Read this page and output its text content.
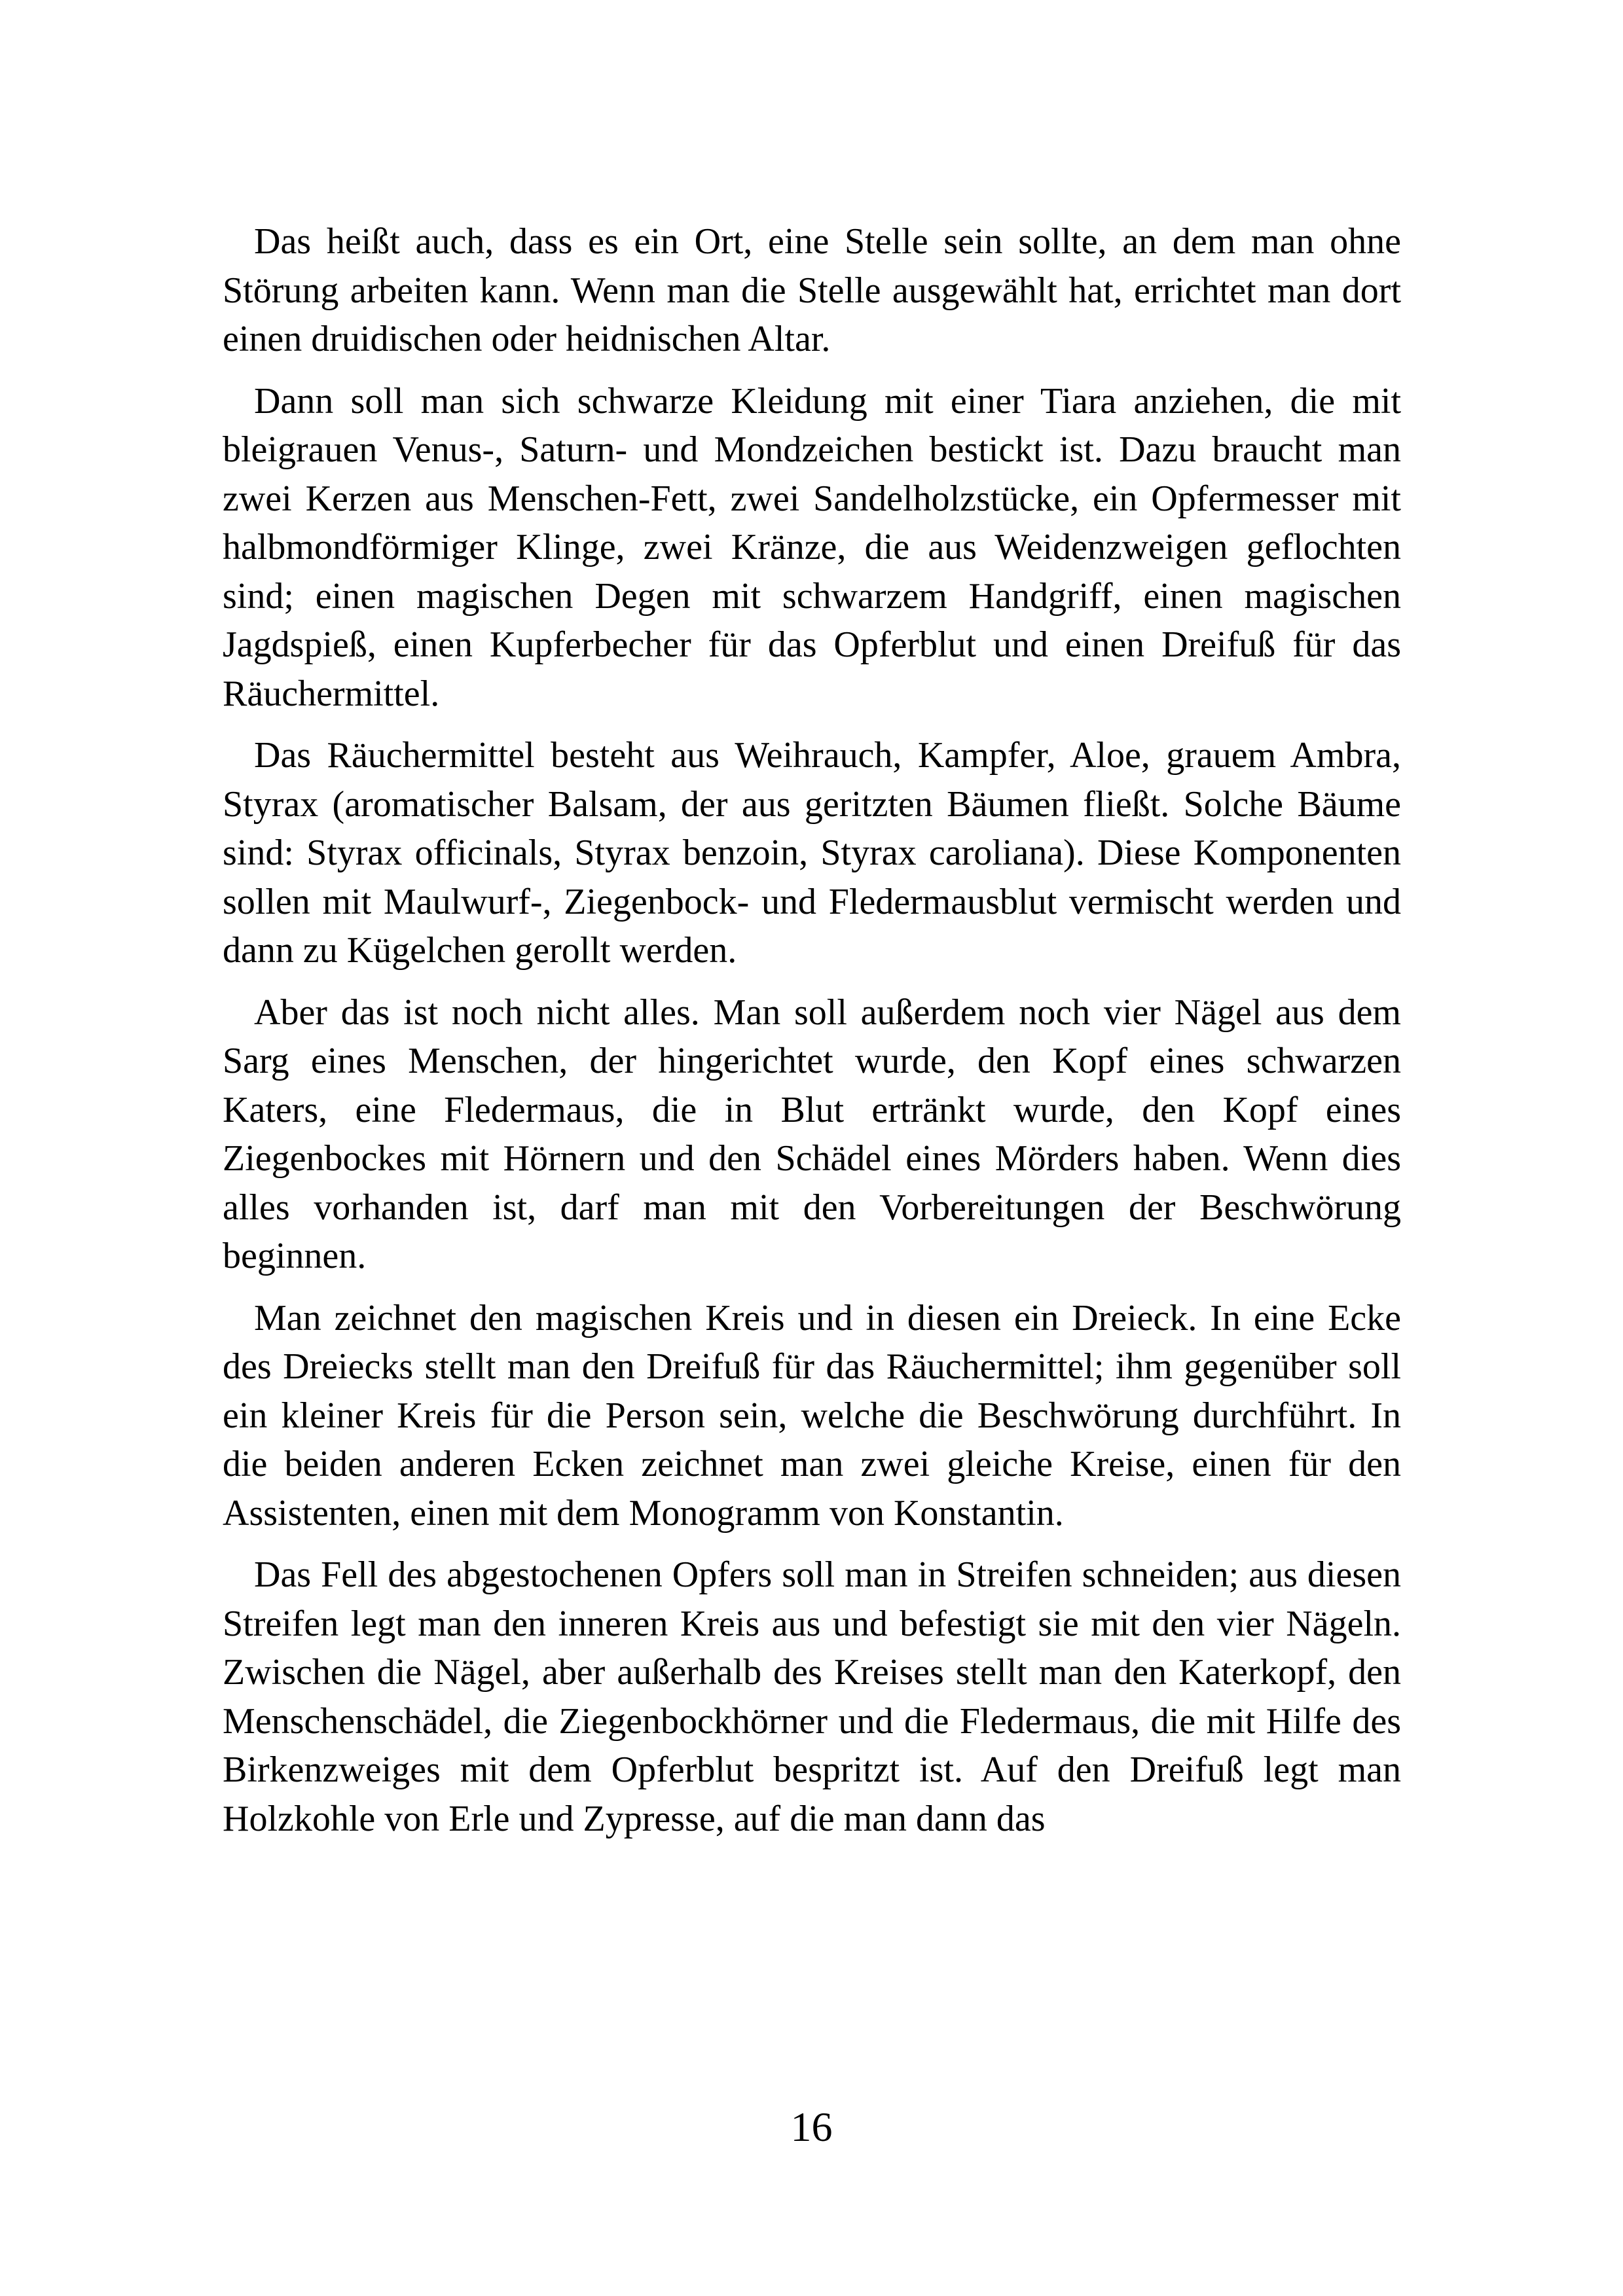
Das heißt auch, dass es ein Ort, eine Stelle sein sollte, an dem man ohne Störung arbeiten kann. Wenn man die Stelle ausgewählt hat, errichtet man dort einen druidischen oder heidnischen Altar.

Dann soll man sich schwarze Kleidung mit einer Tiara anziehen, die mit bleigrauen Venus-, Saturn- und Mondzeichen bestickt ist. Dazu braucht man zwei Kerzen aus Menschen-Fett, zwei Sandelholzstücke, ein Opfermesser mit halbmondförmiger Klinge, zwei Kränze, die aus Weidenzweigen geflochten sind; einen magischen Degen mit schwarzem Handgriff, einen magischen Jagdspieß, einen Kupferbecher für das Opferblut und einen Dreifuß für das Räuchermittel.

Das Räuchermittel besteht aus Weihrauch, Kampfer, Aloe, grauem Ambra, Styrax (aromatischer Balsam, der aus geritzten Bäumen fließt. Solche Bäume sind: Styrax officinals, Styrax benzoin, Styrax caroliana). Diese Komponenten sollen mit Maulwurf-, Ziegenbock- und Fledermausblut vermischt werden und dann zu Kügelchen gerollt werden.

Aber das ist noch nicht alles. Man soll außerdem noch vier Nägel aus dem Sarg eines Menschen, der hingerichtet wurde, den Kopf eines schwarzen Katers, eine Fledermaus, die in Blut ertränkt wurde, den Kopf eines Ziegenbockes mit Hörnern und den Schädel eines Mörders haben. Wenn dies alles vorhanden ist, darf man mit den Vorbereitungen der Beschwörung beginnen.

Man zeichnet den magischen Kreis und in diesen ein Dreieck. In eine Ecke des Dreiecks stellt man den Dreifuß für das Räuchermittel; ihm gegenüber soll ein kleiner Kreis für die Person sein, welche die Beschwörung durchführt. In die beiden anderen Ecken zeichnet man zwei gleiche Kreise, einen für den Assistenten, einen mit dem Monogramm von Konstantin.

Das Fell des abgestochenen Opfers soll man in Streifen schneiden; aus diesen Streifen legt man den inneren Kreis aus und befestigt sie mit den vier Nägeln. Zwischen die Nägel, aber außerhalb des Kreises stellt man den Katerkopf, den Menschenschädel, die Ziegenbockhörner und die Fledermaus, die mit Hilfe des Birkenzweiges mit dem Opferblut bespritzt ist. Auf den Dreifuß legt man Holzkohle von Erle und Zypresse, auf die man dann das

16
